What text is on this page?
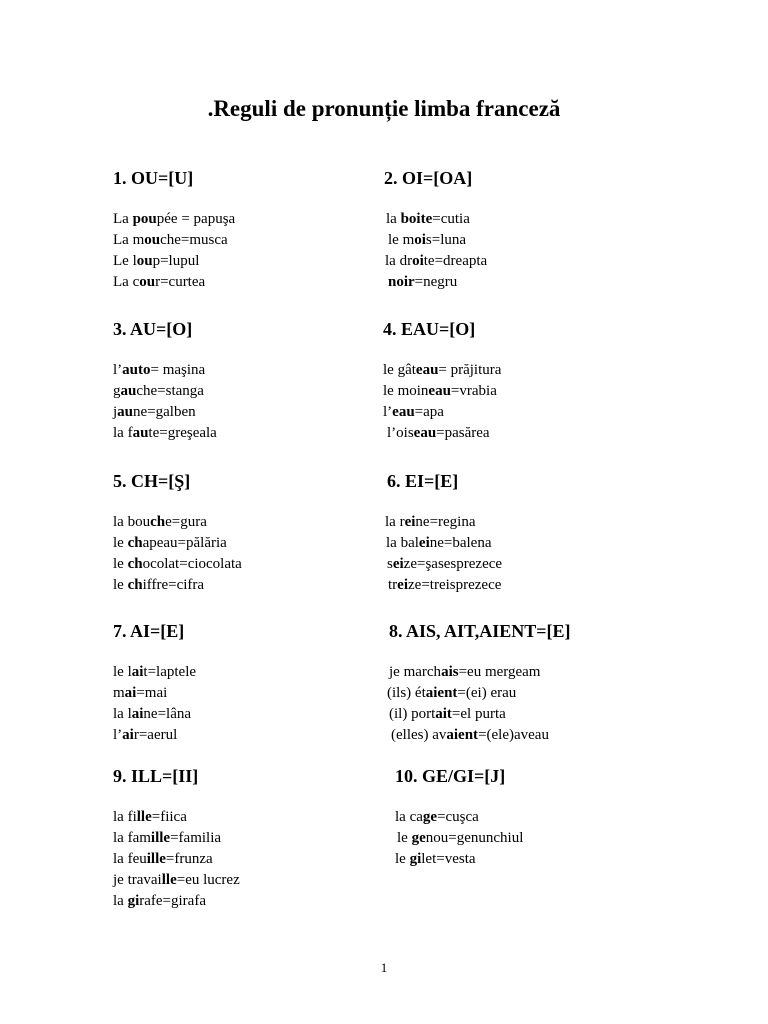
.Reguli de pronunție limba franceză
1. OU=[U]
La poupée = papuşa
La mouche=musca
Le loup=lupul
La cour=curtea
2. OI=[OA]
la boite=cutia
le mois=luna
la droite=dreapta
noir=negru
3. AU=[O]
l’auto= maşina
gauche=stanga
jaune=galben
la faute=greşeala
4. EAU=[O]
le gâteau= prăjitura
le moineau=vrabia
l’eau=apa
l’oiseau=pasărea
5. CH=[Ş]
la bouche=gura
le chapeau=pălăria
le chocolat=ciocolata
le chiffre=cifra
6. EI=[E]
la reine=regina
la baleine=balena
seize=şasesprezece
treize=treisprezece
7. AI=[E]
le lait=laptele
mai=mai
la laine=lâna
l’air=aerul
8. AIS, AIT,AIENT=[E]
je marchais=eu mergeam
(ils) étaient=(ei) erau
(il) portait=el purta
(elles) avaient=(ele)aveau
9. ILL=[II]
la fille=fiica
la famille=familia
la feuille=frunza
je travaille=eu lucrez
la girafe=girafa
10. GE/GI=[J]
la cage=cuşca
le genou=genunchiul
le gilet=vesta
1
